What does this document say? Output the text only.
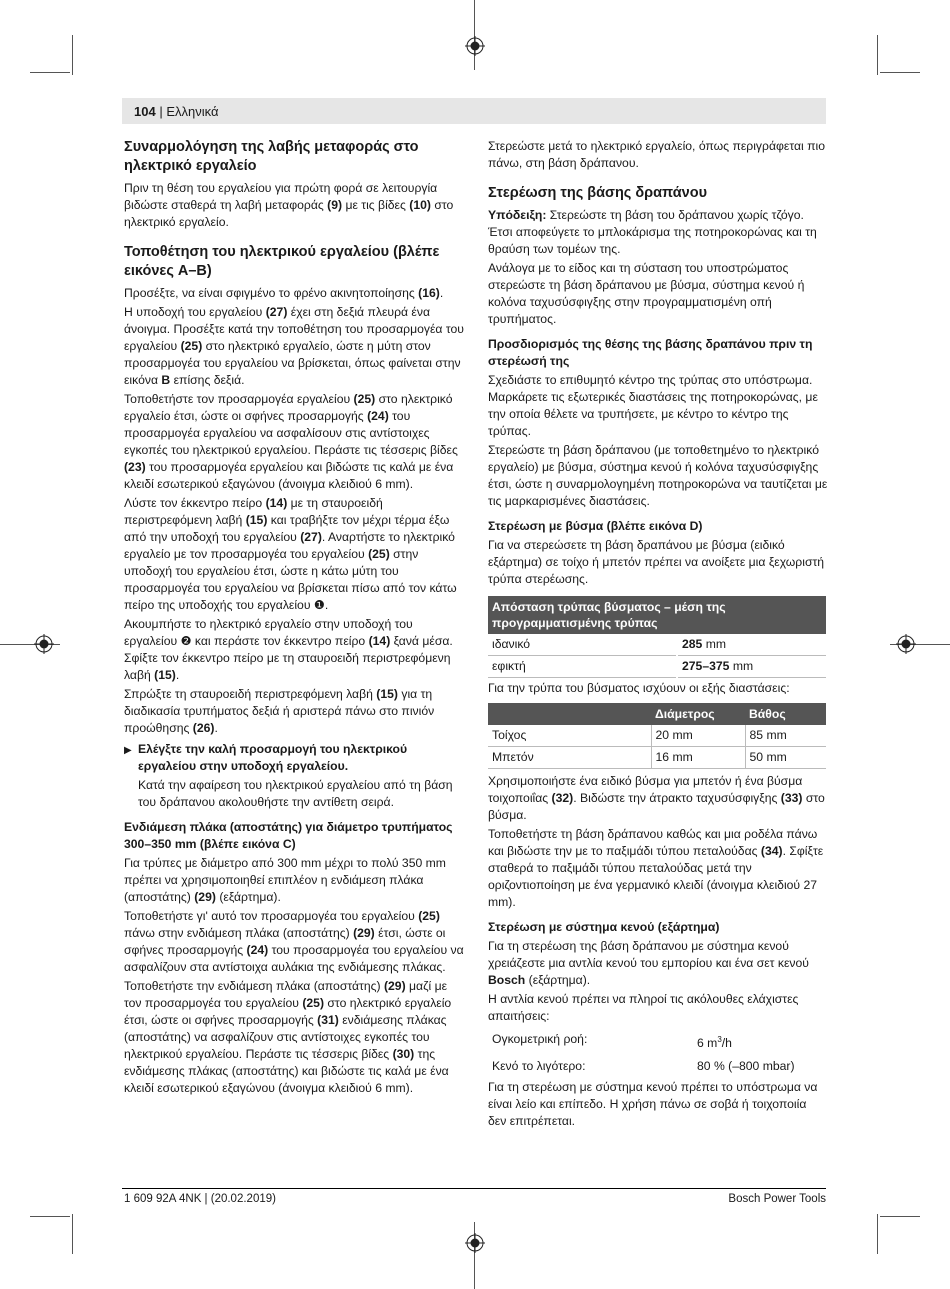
104 | Ελληνικά
Συναρμολόγηση της λαβής μεταφοράς στο ηλεκτρικό εργαλείο

Πριν τη θέση του εργαλείου για πρώτη φορά σε λειτουργία βιδώστε σταθερά τη λαβή μεταφοράς (9) με τις βίδες (10) στο ηλεκτρικό εργαλείο.

Τοποθέτηση του ηλεκτρικού εργαλείου (βλέπε εικόνες A–B)

Προσέξτε, να είναι σφιγμένο το φρένο ακινητοποίησης (16).

Η υποδοχή του εργαλείου (27) έχει στη δεξιά πλευρά ένα άνοιγμα. Προσέξτε κατά την τοποθέτηση του προσαρμογέα του εργαλείου (25) στο ηλεκτρικό εργαλείο, ώστε η μύτη στον προσαρμογέα του εργαλείου να βρίσκεται, όπως φαίνεται στην εικόνα B επίσης δεξιά.

Τοποθετήστε τον προσαρμογέα εργαλείου (25) στο ηλεκτρικό εργαλείο έτσι, ώστε οι σφήνες προσαρμογής (24) του προσαρμογέα εργαλείου να ασφαλίσουν στις αντίστοιχες εγκοπές του ηλεκτρικού εργαλείου. Περάστε τις τέσσερις βίδες (23) του προσαρμογέα εργαλείου και βιδώστε τις καλά με ένα κλειδί εσωτερικού εξαγώνου (άνοιγμα κλειδιού 6 mm).

Λύστε τον έκκεντρο πείρο (14) με τη σταυροειδή περιστρεφόμενη λαβή (15) και τραβήξτε τον μέχρι τέρμα έξω από την υποδοχή του εργαλείου (27). Αναρτήστε το ηλεκτρικό εργαλείο με τον προσαρμογέα του εργαλείου (25) στην υποδοχή του εργαλείου έτσι, ώστε η κάτω μύτη του προσαρμογέα του εργαλείου να βρίσκεται πίσω από τον κάτω πείρο της υποδοχής του εργαλείου ❶.

Ακουμπήστε το ηλεκτρικό εργαλείο στην υποδοχή του εργαλείου ❷ και περάστε τον έκκεντρο πείρο (14) ξανά μέσα. Σφίξτε τον έκκεντρο πείρο με τη σταυροειδή περιστρεφόμενη λαβή (15).

Σπρώξτε τη σταυροειδή περιστρεφόμενη λαβή (15) για τη διαδικασία τρυπήματος δεξιά ή αριστερά πάνω στο πινιόν προώθησης (26).

▶ Ελέγξτε την καλή προσαρμογή του ηλεκτρικού εργαλείου στην υποδοχή εργαλείου.

Κατά την αφαίρεση του ηλεκτρικού εργαλείου από τη βάση του δράπανου ακολουθήστε την αντίθετη σειρά.

Ενδιάμεση πλάκα (αποστάτης) για διάμετρο τρυπήματος 300–350 mm (βλέπε εικόνα C)

Για τρύπες με διάμετρο από 300 mm μέχρι το πολύ 350 mm πρέπει να χρησιμοποιηθεί επιπλέον η ενδιάμεση πλάκα (αποστάτης) (29) (εξάρτημα).

Τοποθετήστε γι' αυτό τον προσαρμογέα του εργαλείου (25) πάνω στην ενδιάμεση πλάκα (αποστάτης) (29) έτσι, ώστε οι σφήνες προσαρμογής (24) του προσαρμογέα του εργαλείου να ασφαλίζουν στα αντίστοιχα αυλάκια της ενδιάμεσης πλάκας.

Τοποθετήστε την ενδιάμεση πλάκα (αποστάτης) (29) μαζί με τον προσαρμογέα του εργαλείου (25) στο ηλεκτρικό εργαλείο έτσι, ώστε οι σφήνες προσαρμογής (31) ενδιάμεσης πλάκας (αποστάτης) να ασφαλίζουν στις αντίστοιχες εγκοπές του ηλεκτρικού εργαλείου. Περάστε τις τέσσερις βίδες (30) της ενδιάμεσης πλάκας (αποστάτης) και βιδώστε τις καλά με ένα κλειδί εσωτερικού εξαγώνου (άνοιγμα κλειδιού 6 mm).

Στερεώστε μετά το ηλεκτρικό εργαλείο, όπως περιγράφεται πιο πάνω, στη βάση δράπανου.

Στερέωση της βάσης δραπάνου

Υπόδειξη: Στερεώστε τη βάση του δράπανου χωρίς τζόγο. Έτσι αποφεύγετε το μπλοκάρισμα της ποτηροκορώνας και τη θραύση των τομέων της.

Ανάλογα με το είδος και τη σύσταση του υποστρώματος στερεώστε τη βάση δράπανου με βύσμα, σύστημα κενού ή κολόνα ταχυσύσφιγξης στην προγραμματισμένη οπή τρυπήματος.

Προσδιορισμός της θέσης της βάσης δραπάνου πριν τη στερέωσή της

Σχεδιάστε το επιθυμητό κέντρο της τρύπας στο υπόστρωμα. Μαρκάρετε τις εξωτερικές διαστάσεις της ποτηροκορώνας, με την οποία θέλετε να τρυπήσετε, με κέντρο το κέντρο της τρύπας.

Στερεώστε τη βάση δράπανου (με τοποθετημένο το ηλεκτρικό εργαλείο) με βύσμα, σύστημα κενού ή κολόνα ταχυσύσφιγξης έτσι, ώστε η συναρμολογημένη ποτηροκορώνα να ταυτίζεται με τις μαρκαρισμένες διαστάσεις.

Στερέωση με βύσμα (βλέπε εικόνα D)

Για να στερεώσετε τη βάση δραπάνου με βύσμα (ειδικό εξάρτημα) σε τοίχο ή μπετόν πρέπει να ανοίξετε μια ξεχωριστή τρύπα στερέωσης.

Απόσταση τρύπας βύσματος – μέση της προγραμματισμένης τρύπας	
ιδανικό	285 mm
εφικτή	275–375 mm

Για την τρύπα του βύσματος ισχύουν οι εξής διαστάσεις:

	Διάμετρος	Βάθος
Τοίχος	20 mm	85 mm
Μπετόν	16 mm	50 mm

Χρησιμοποιήστε ένα ειδικό βύσμα για μπετόν ή ένα βύσμα τοιχοποιΐας (32). Βιδώστε την άτρακτο ταχυσύσφιγξης (33) στο βύσμα.

Τοποθετήστε τη βάση δράπανου καθώς και μια ροδέλα πάνω και βιδώστε την με το παξιμάδι τύπου πεταλούδας (34). Σφίξτε σταθερά το παξιμάδι τύπου πεταλούδας μετά την οριζοντιοποίηση με ένα γερμανικό κλειδί (άνοιγμα κλειδιού 27 mm).

Στερέωση με σύστημα κενού (εξάρτημα)

Για τη στερέωση της βάση δράπανου με σύστημα κενού χρειάζεστε μια αντλία κενού του εμπορίου και ένα σετ κενού Bosch (εξάρτημα).

Η αντλία κενού πρέπει να πληροί τις ακόλουθες ελάχιστες απαιτήσεις:

Ογκομετρική ροή:	6 $m^3/h$
Κενό το λιγότερο:	80 % (–800 mbar)

Για τη στερέωση με σύστημα κενού πρέπει το υπόστρωμα να είναι λείο και επίπεδο. Η χρήση πάνω σε σοβά ή τοιχοποιία δεν επιτρέπεται.

1 609 92A 4NK | (20.02.2019)	Bosch Power Tools
